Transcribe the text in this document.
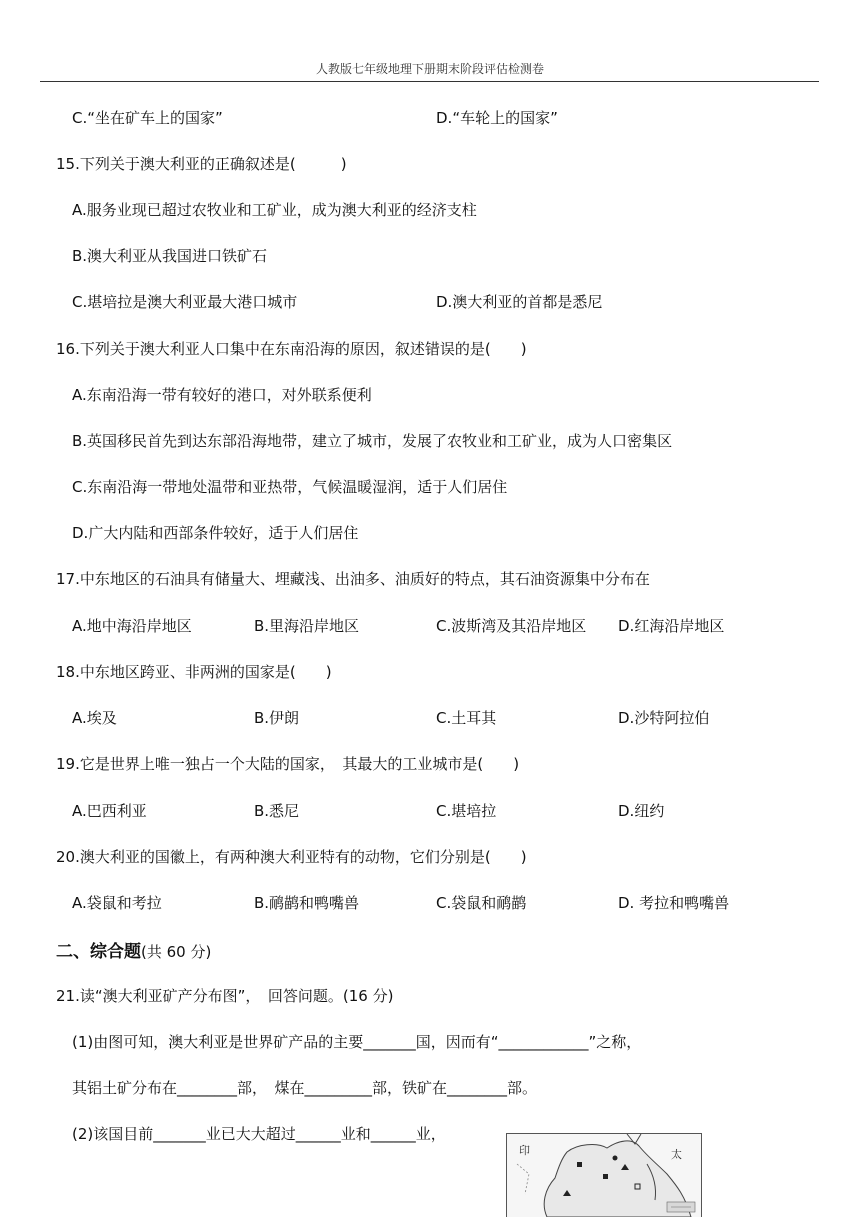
人教版七年级地理下册期末阶段评估检测卷
C.“坐在矿车上的国家”	D.“车轮上的国家”
15.下列关于澳大利亚的正确叙述是(　　　)
A.服务业现已超过农牧业和工矿业，成为澳大利亚的经济支柱
B.澳大利亚从我国进口铁矿石
C.堪培拉是澳大利亚最大港口城市	D.澳大利亚的首都是悉尼
16.下列关于澳大利亚人口集中在东南沿海的原因，叙述错误的是(　　)
A.东南沿海一带有较好的港口，对外联系便利
B.英国移民首先到达东部沿海地带，建立了城市，发展了农牧业和工矿业，成为人口密集区
C.东南沿海一带地处温带和亚热带，气候温暖湿润，适于人们居住
D.广大内陆和西部条件较好，适于人们居住
17.中东地区的石油具有储量大、埋藏浅、出油多、油质好的特点，其石油资源集中分布在
A.地中海沿岸地区	B.里海沿岸地区	C.波斯湾及其沿岸地区 D.红海沿岸地区
18.中东地区跨亚、非两洲的国家是(　　)
A.埃及	B.伊朗	C.土耳其	D.沙特阿拉伯
19.它是世界上唯一独占一个大陆的国家，　其最大的工业城市是(　　)
A.巴西利亚	B.悉尼	C.堪培拉	D.纽约
20.澳大利亚的国徽上，有两种澳大利亚特有的动物，它们分别是(　　)
A.袋鼠和考拉	B.鸸鹋和鸭嘴兽	C.袋鼠和鸸鹋	D. 考拉和鸭嘴兽
二、综合题(共 60 分)
21.读“澳大利亚矿产分布图”，　回答问题。(16 分)
(1)由图可知，澳大利亚是世界矿产品的主要_______国，因而有“____________”之称，
其铝土矿分布在________部，　煤在_________部，铁矿在________部。
(2)该国目前_______业已大大超过______业和______业，
印	太
